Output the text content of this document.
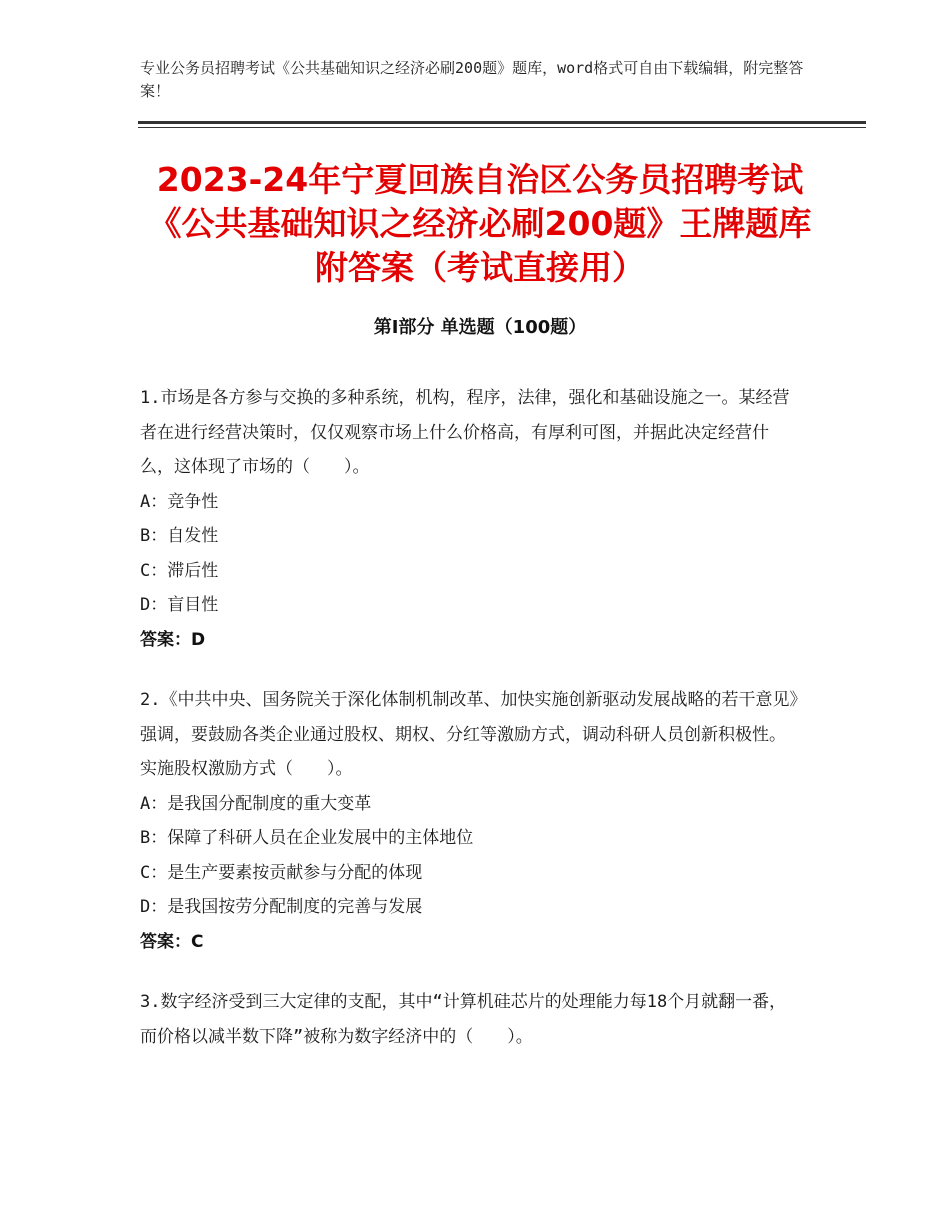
专业公务员招聘考试《公共基础知识之经济必刷200题》题库，word格式可自由下载编辑，附完整答案！
2023-24年宁夏回族自治区公务员招聘考试《公共基础知识之经济必刷200题》王牌题库附答案（考试直接用）
第Ⅰ部分 单选题（100题）

1.市场是各方参与交换的多种系统，机构，程序，法律，强化和基础设施之一。某经营者在进行经营决策时，仅仅观察市场上什么价格高，有厚利可图，并据此决定经营什么，这体现了市场的（　　）。

A：竞争性

B：自发性

C：滞后性

D：盲目性

答案：D

2.《中共中央、国务院关于深化体制机制改革、加快实施创新驱动发展战略的若干意见》强调，要鼓励各类企业通过股权、期权、分红等激励方式，调动科研人员创新积极性。实施股权激励方式（　　）。

A：是我国分配制度的重大变革

B：保障了科研人员在企业发展中的主体地位

C：是生产要素按贡献参与分配的体现

D：是我国按劳分配制度的完善与发展

答案：C

3.数字经济受到三大定律的支配，其中“计算机硅芯片的处理能力每18个月就翻一番，而价格以减半数下降”被称为数字经济中的（　　）。
